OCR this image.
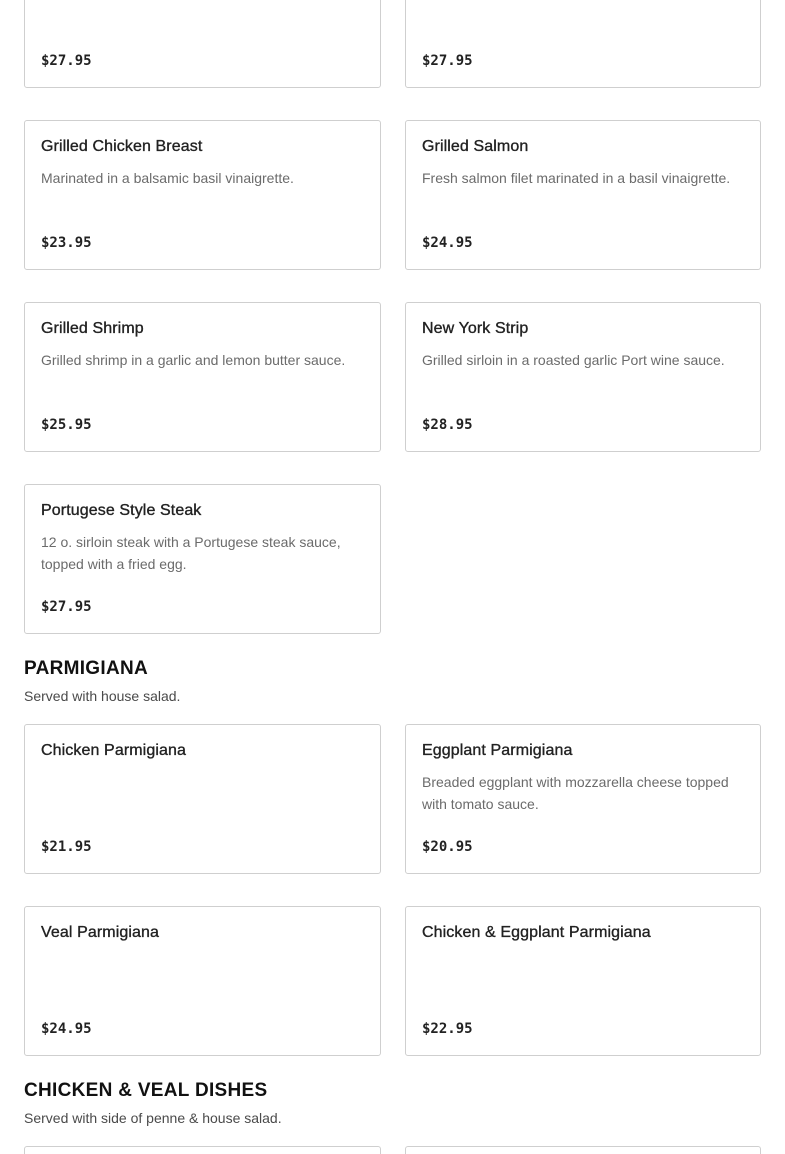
$27.95	$27.95
Grilled Chicken Breast
Marinated in a balsamic basil vinaigrette.
$23.95
Grilled Salmon
Fresh salmon filet marinated in a basil vinaigrette.
$24.95
Grilled Shrimp
Grilled shrimp in a garlic and lemon butter sauce.
$25.95
New York Strip
Grilled sirloin in a roasted garlic Port wine sauce.
$28.95
Portugese Style Steak
12 o. sirloin steak with a Portugese steak sauce, topped with a fried egg.
$27.95
PARMIGIANA
Served with house salad.
Chicken Parmigiana
$21.95
Eggplant Parmigiana
Breaded eggplant with mozzarella cheese topped with tomato sauce.
$20.95
Veal Parmigiana
$24.95
Chicken & Eggplant Parmigiana
$22.95
CHICKEN & VEAL DISHES
Served with side of penne & house salad.
